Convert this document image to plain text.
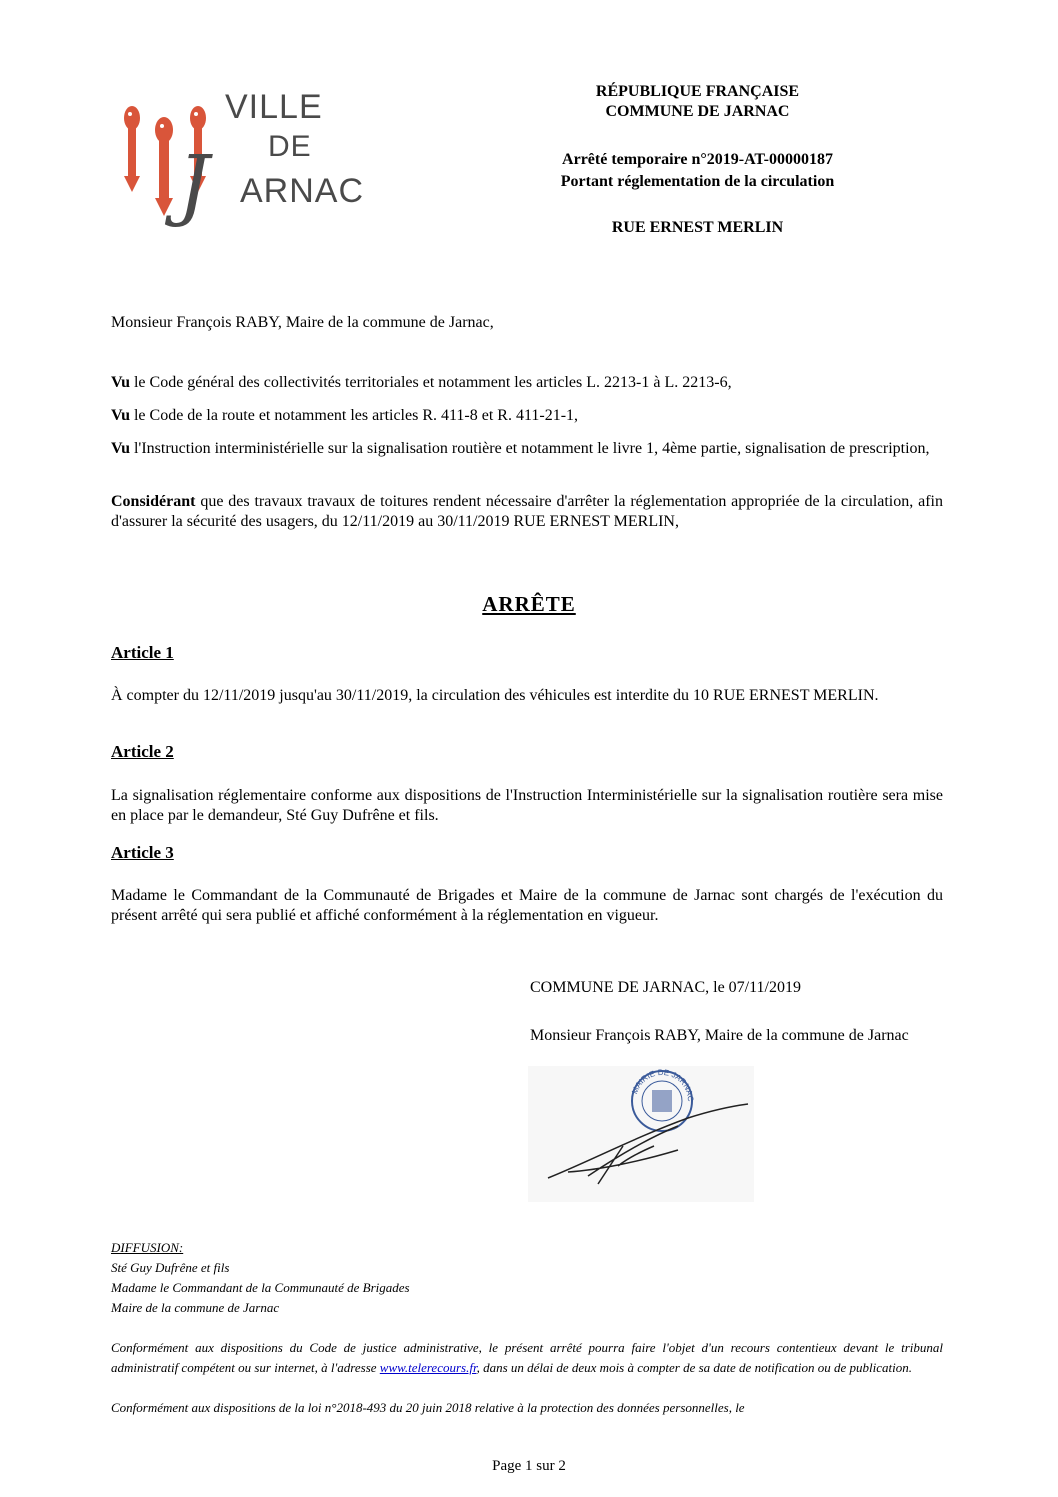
VILLE
DE
J ARNAC
RÉPUBLIQUE FRANÇAISE
COMMUNE DE JARNAC
Arrêté temporaire n°2019-AT-00000187
Portant réglementation de la circulation
RUE ERNEST MERLIN
Monsieur François RABY, Maire de la commune de Jarnac,
Vu le Code général des collectivités territoriales et notamment les articles L. 2213-1 à L. 2213-6,
Vu le Code de la route et notamment les articles R. 411-8 et R. 411-21-1,
Vu l'Instruction interministérielle sur la signalisation routière et notamment le livre 1, 4ème partie, signalisation de prescription,
Considérant que des travaux travaux de toitures rendent nécessaire d'arrêter la réglementation appropriée de la circulation, afin d'assurer la sécurité des usagers, du 12/11/2019 au 30/11/2019 RUE ERNEST MERLIN,
ARRÊTE
Article 1
À compter du 12/11/2019 jusqu'au 30/11/2019, la circulation des véhicules est interdite du 10 RUE ERNEST MERLIN.
Article 2
La signalisation réglementaire conforme aux dispositions de l'Instruction Interministérielle sur la signalisation routière sera mise en place par le demandeur, Sté Guy Dufrêne et fils.
Article 3
Madame le Commandant de la Communauté de Brigades et Maire de la commune de Jarnac sont chargés de l'exécution du présent arrêté qui sera publié et affiché conformément à la réglementation en vigueur.
COMMUNE DE JARNAC, le 07/11/2019
Monsieur François RABY, Maire de la commune de Jarnac
MAIRIE DE JARNAC
DIFFUSION:
Sté Guy Dufrêne et fils
Madame le Commandant de la Communauté de Brigades
Maire de la commune de Jarnac
Conformément aux dispositions du Code de justice administrative, le présent arrêté pourra faire l'objet d'un recours contentieux devant le tribunal administratif compétent ou sur internet, à l'adresse www.telerecours.fr, dans un délai de deux mois à compter de sa date de notification ou de publication.
Conformément aux dispositions de la loi n°2018-493 du 20 juin 2018 relative à la protection des données personnelles, le
Page 1 sur 2
